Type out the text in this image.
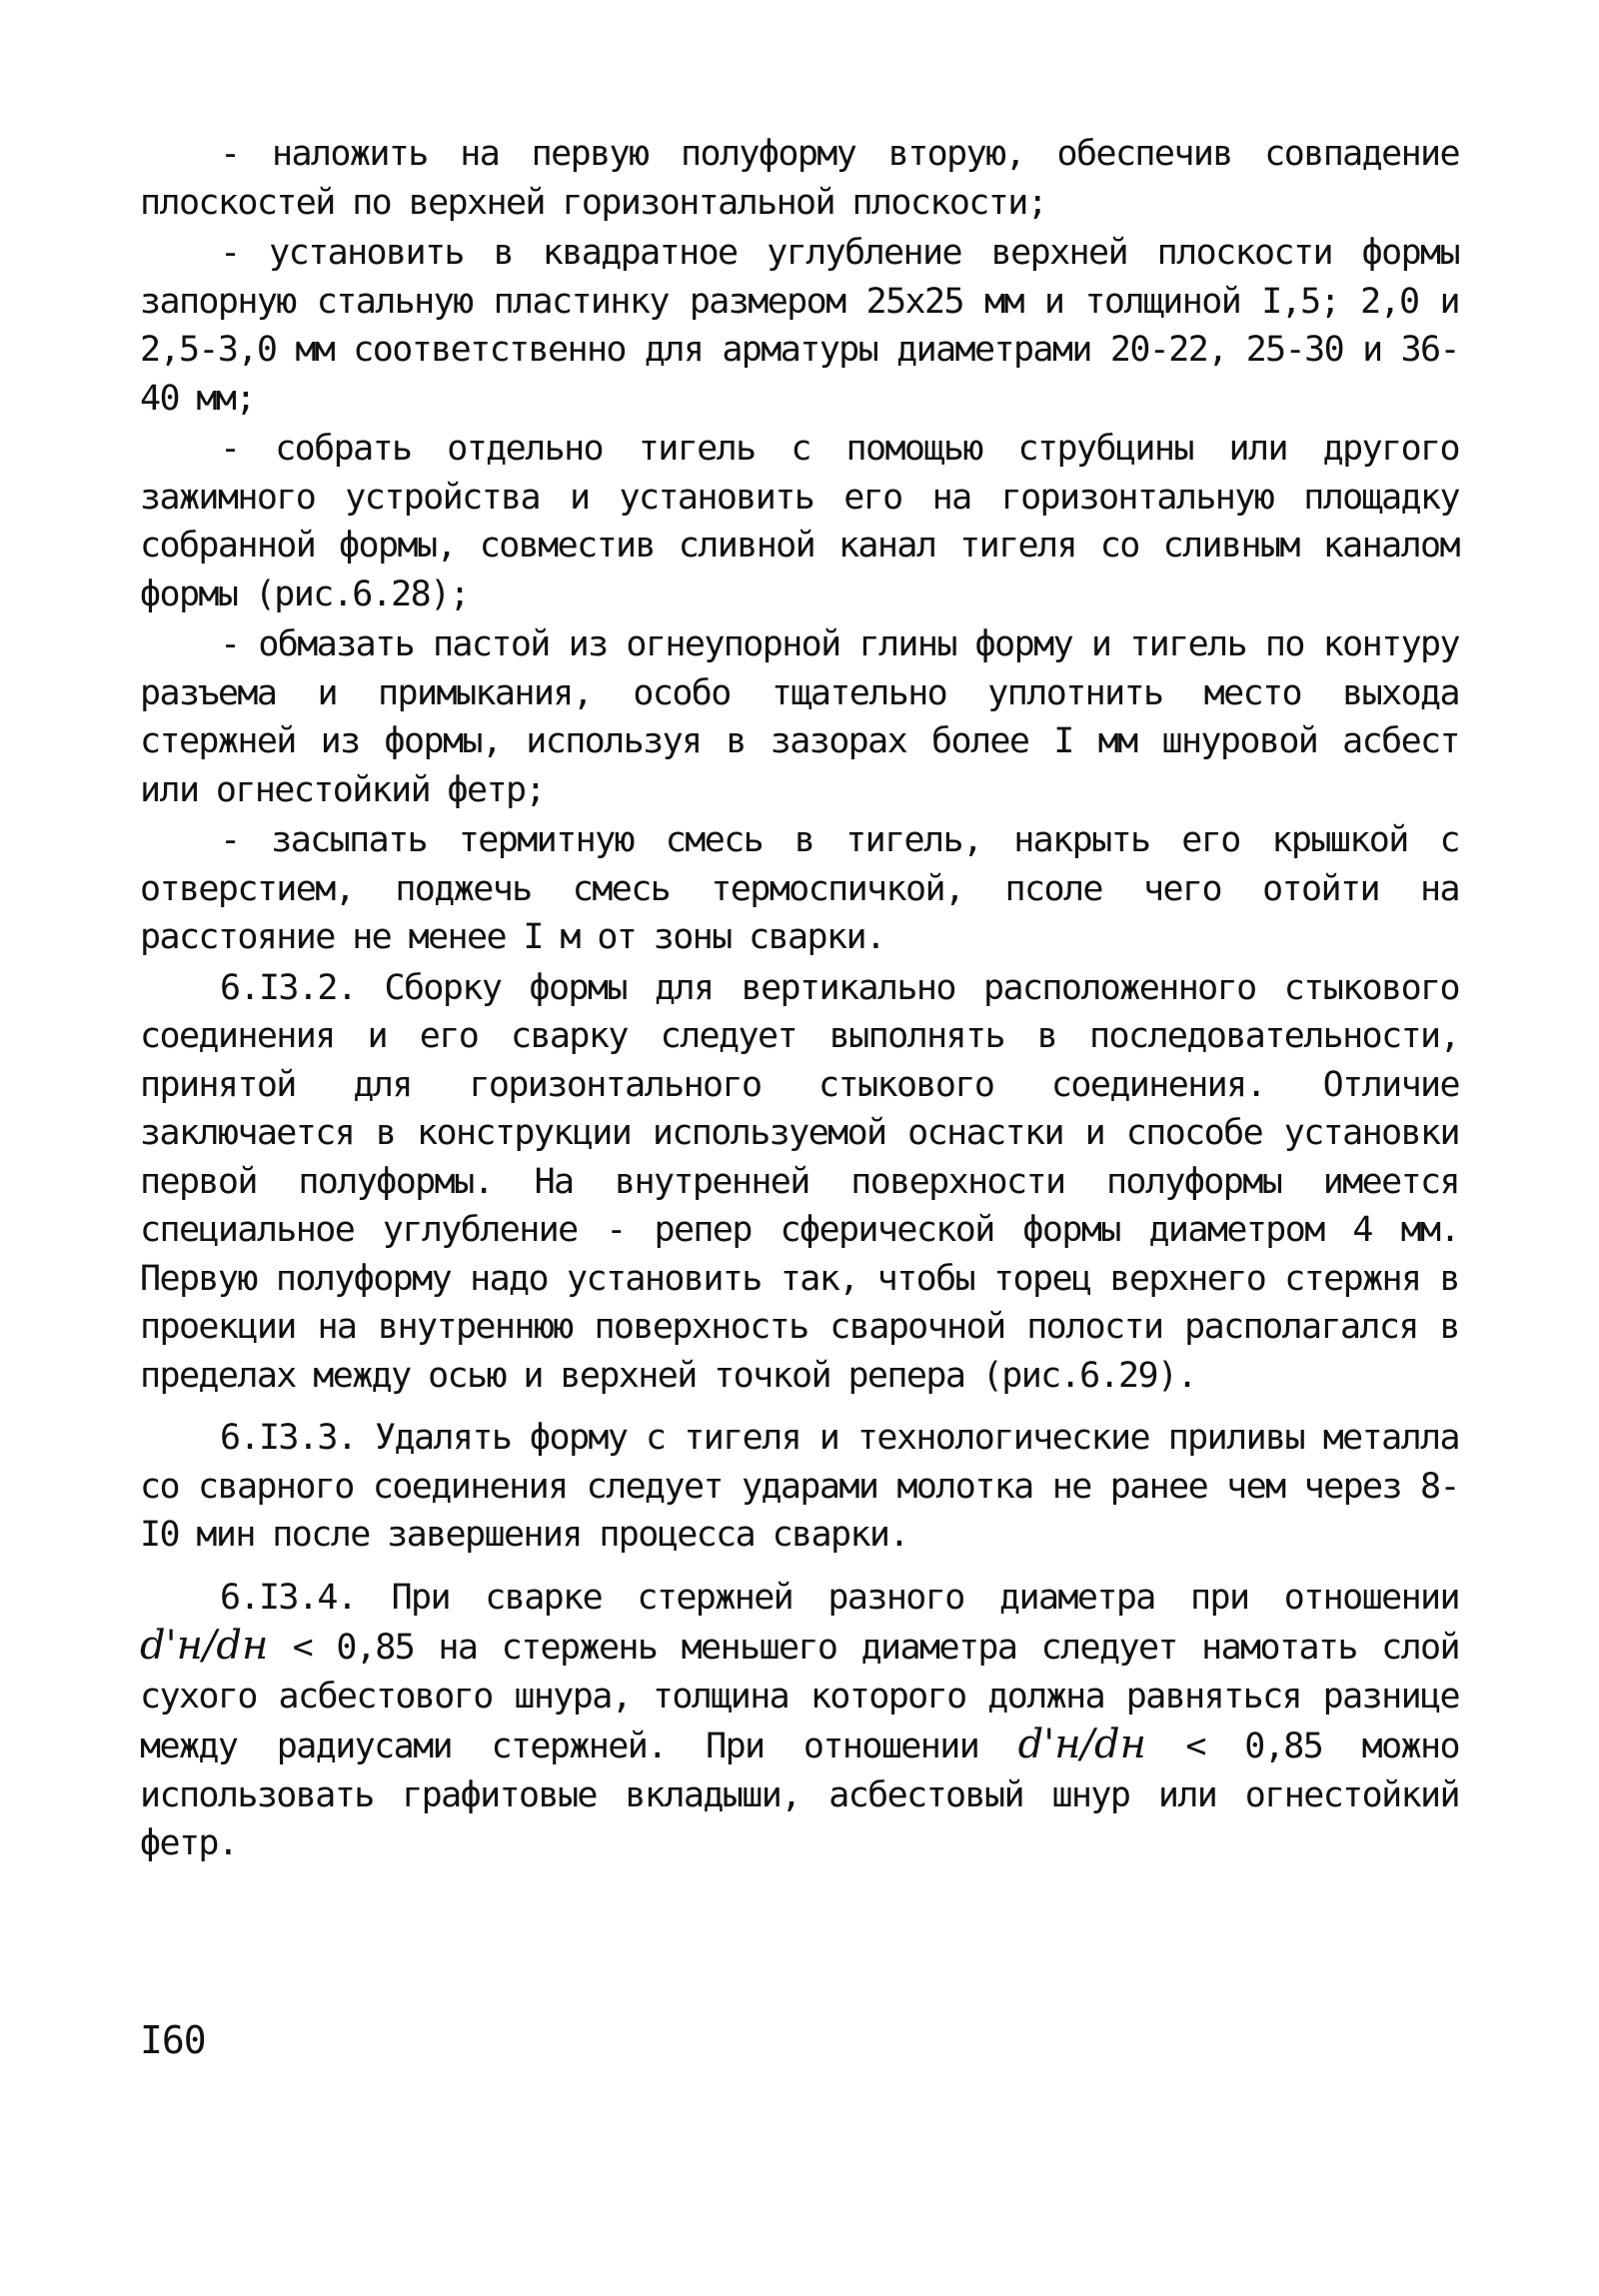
- наложить на первую полуформу вторую, обеспечив совпадение плоскостей по верхней горизонтальной плоскости;

- установить в квадратное углубление верхней плоскости формы запорную стальную пластинку размером 25х25 мм и толщиной I,5; 2,0 и 2,5-3,0 мм соответственно для арматуры диаметрами 20-22, 25-30 и 36-40 мм;

- собрать отдельно тигель с помощью струбцины или другого зажимного устройства и установить его на горизонтальную площадку собранной формы, совместив сливной канал тигеля со сливным каналом формы (рис.6.28);

- обмазать пастой из огнеупорной глины форму и тигель по контуру разъема и примыкания, особо тщательно уплотнить место выхода стержней из формы, используя в зазорах более I мм шнуровой асбест или огнестойкий фетр;

- засыпать термитную смесь в тигель, накрыть его крышкой с отверстием, поджечь смесь термоспичкой, псоле чего отойти на расстояние не менее I м от зоны сварки.

6.I3.2. Сборку формы для вертикально расположенного стыкового соединения и его сварку следует выполнять в последовательности, принятой для горизонтального стыкового соединения. Отличие заключается в конструкции используемой оснастки и способе установки первой полуформы. На внутренней поверхности полуформы имеется специальное углубление - репер сферической формы диаметром 4 мм. Первую полуформу надо установить так, чтобы торец верхнего стержня в проекции на внутреннюю поверхность сварочной полости располагался в пределах между осью и верхней точкой репера (рис.6.29).

6.I3.3. Удалять форму с тигеля и технологические приливы металла со сварного соединения следует ударами молотка не ранее чем через 8-I0 мин после завершения процесса сварки.

6.I3.4. При сварке стержней разного диаметра при отношении d'н/dн < 0,85 на стержень меньшего диаметра следует намотать слой сухого асбестового шнура, толщина которого должна равняться разнице между радиусами стержней. При отношении d'н/dн < 0,85 можно использовать графитовые вкладыши, асбестовый шнур или огнестойкий фетр.

I60
